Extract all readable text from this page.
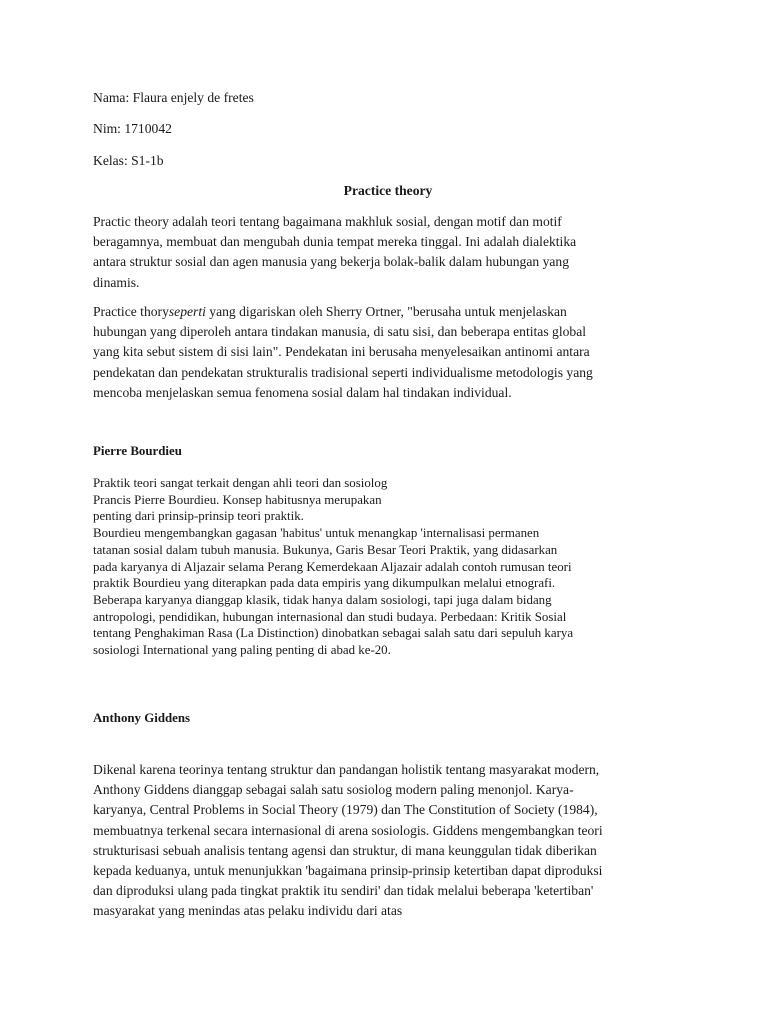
Nama: Flaura enjely de fretes
Nim: 1710042
Kelas: S1-1b
Practice theory
Practic theory adalah teori tentang bagaimana makhluk sosial, dengan motif dan motif
beragamnya, membuat dan mengubah dunia tempat mereka tinggal. Ini adalah dialektika
antara struktur sosial dan agen manusia yang bekerja bolak-balik dalam hubungan yang
dinamis.
Practice thoryseperti yang digariskan oleh Sherry Ortner, "berusaha untuk menjelaskan
hubungan yang diperoleh antara tindakan manusia, di satu sisi, dan beberapa entitas global
yang kita sebut sistem di sisi lain". Pendekatan ini berusaha menyelesaikan antinomi antara
pendekatan dan pendekatan strukturalis tradisional seperti individualisme metodologis yang
mencoba menjelaskan semua fenomena sosial dalam hal tindakan individual.
Pierre Bourdieu
Praktik teori sangat terkait dengan ahli teori dan sosiolog
Prancis Pierre Bourdieu. Konsep habitusnya merupakan
penting dari prinsip-prinsip teori praktik.
Bourdieu mengembangkan gagasan 'habitus' untuk menangkap 'internalisasi permanen
tatanan sosial dalam tubuh manusia. Bukunya, Garis Besar Teori Praktik, yang didasarkan
pada karyanya di Aljazair selama Perang Kemerdekaan Aljazair adalah contoh rumusan teori
praktik Bourdieu yang diterapkan pada data empiris yang dikumpulkan melalui etnografi.
Beberapa karyanya dianggap klasik, tidak hanya dalam sosiologi, tapi juga dalam bidang
antropologi, pendidikan, hubungan internasional dan studi budaya. Perbedaan: Kritik Sosial
tentang Penghakiman Rasa (La Distinction) dinobatkan sebagai salah satu dari sepuluh karya
sosiologi International yang paling penting di abad ke-20.
Anthony Giddens
Dikenal karena teorinya tentang struktur dan pandangan holistik tentang masyarakat modern,
Anthony Giddens dianggap sebagai salah satu sosiolog modern paling menonjol. Karya-
karyanya, Central Problems in Social Theory (1979) dan The Constitution of Society (1984),
membuatnya terkenal secara internasional di arena sosiologis. Giddens mengembangkan teori
strukturisasi sebuah analisis tentang agensi dan struktur, di mana keunggulan tidak diberikan
kepada keduanya, untuk menunjukkan 'bagaimana prinsip-prinsip ketertiban dapat diproduksi
dan diproduksi ulang pada tingkat praktik itu sendiri' dan tidak melalui beberapa 'ketertiban'
masyarakat yang menindas atas pelaku individu dari atas
